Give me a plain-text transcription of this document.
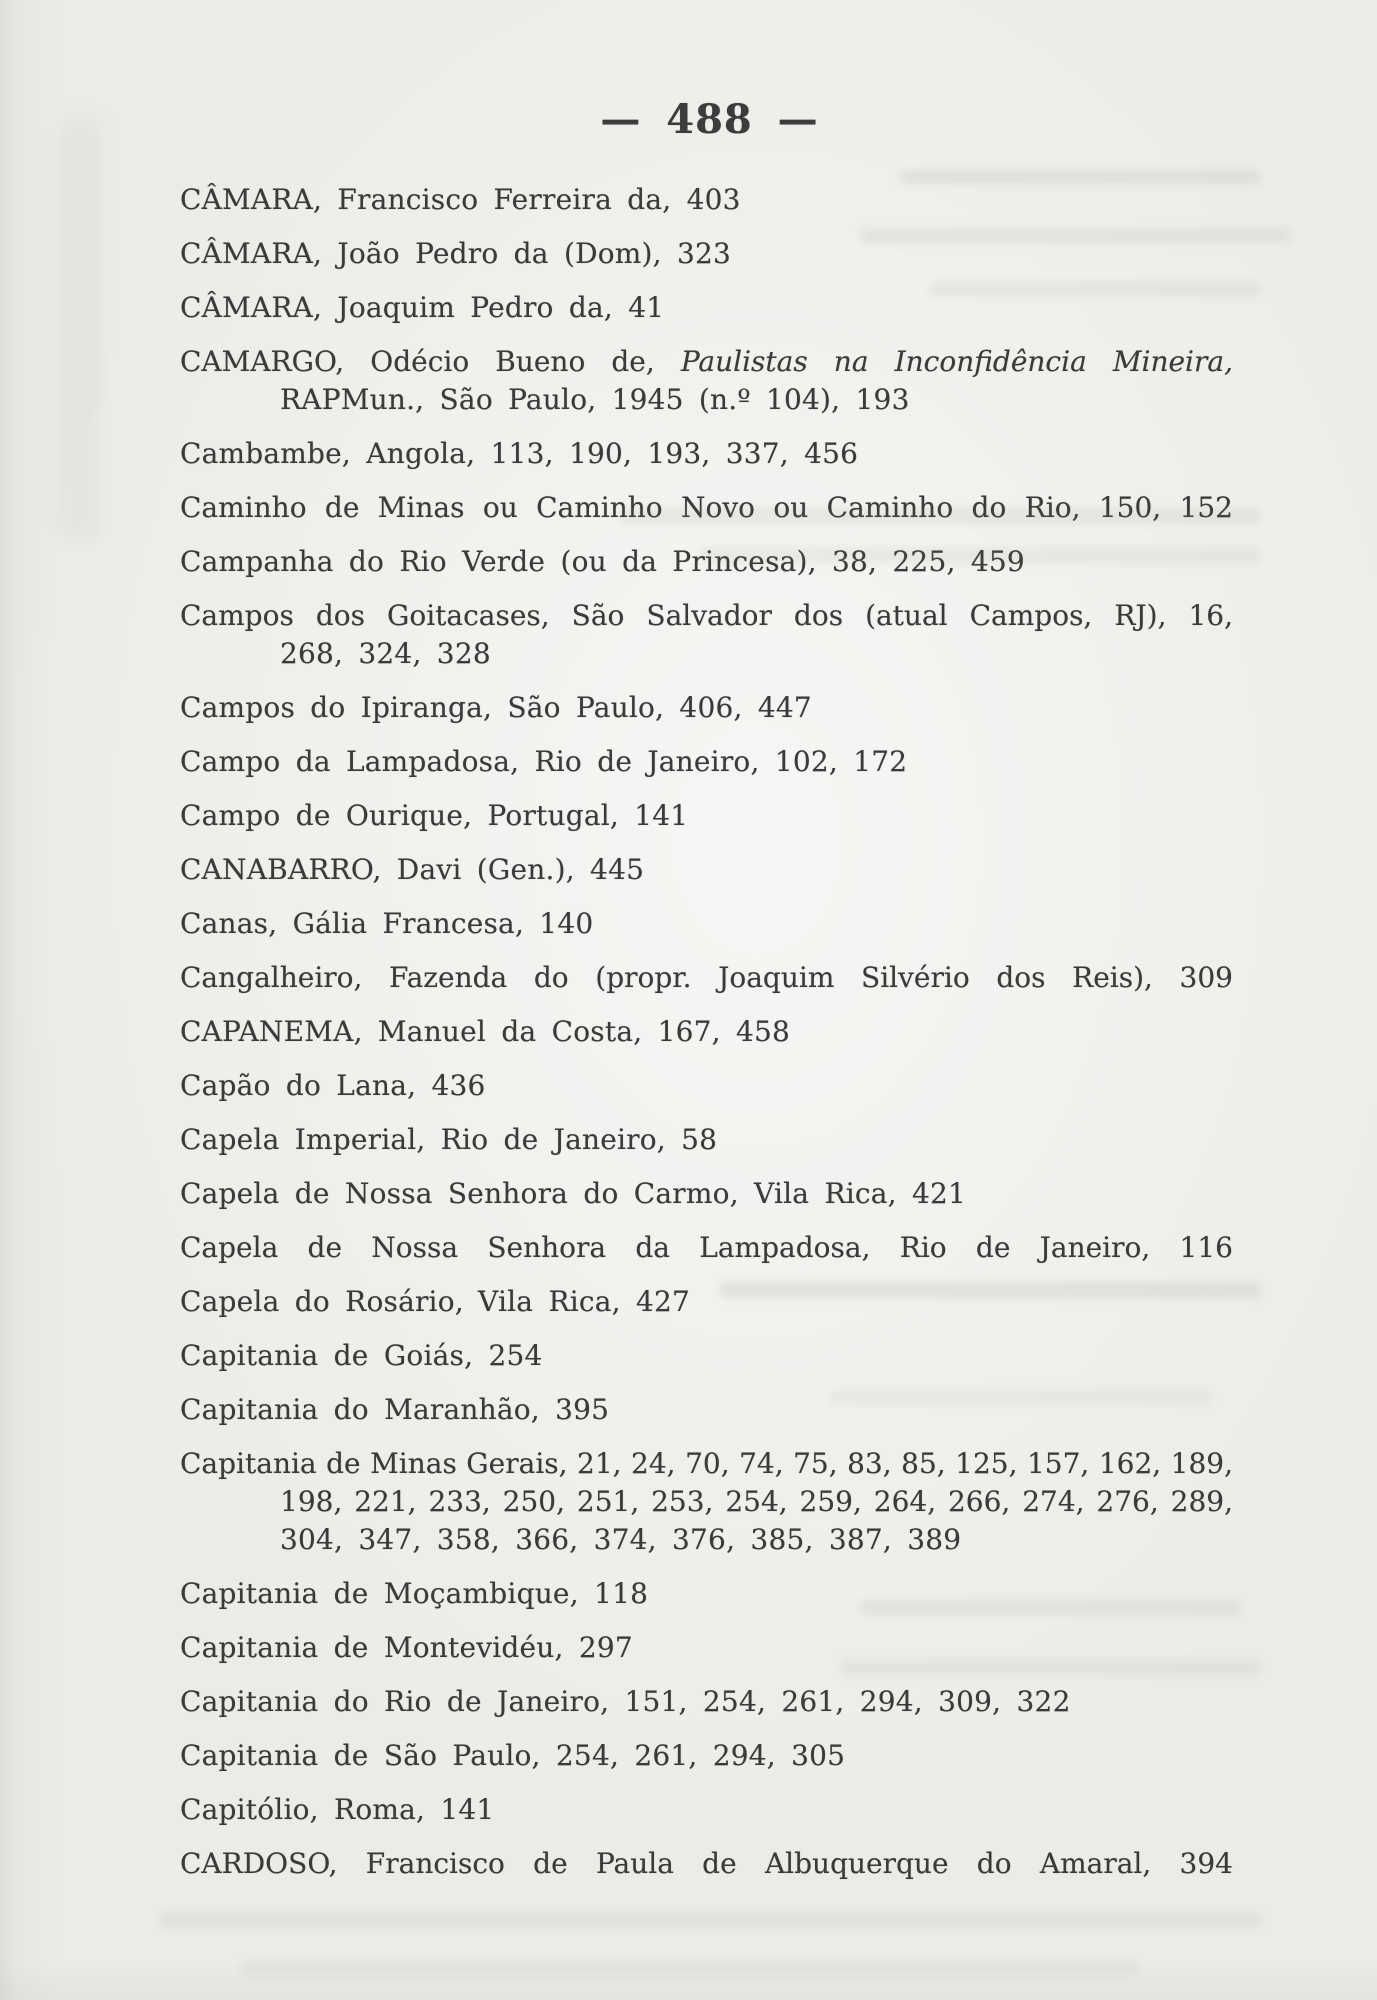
— 488 —
CÂMARA, Francisco Ferreira da, 403
CÂMARA, João Pedro da (Dom), 323
CÂMARA, Joaquim Pedro da, 41
CAMARGO, Odécio Bueno de, Paulistas na Inconfidência Mineira,
RAPMun., São Paulo, 1945 (n.º 104), 193
Cambambe, Angola, 113, 190, 193, 337, 456
Caminho de Minas ou Caminho Novo ou Caminho do Rio, 150, 152
Campanha do Rio Verde (ou da Princesa), 38, 225, 459
Campos dos Goitacases, São Salvador dos (atual Campos, RJ), 16,
268, 324, 328
Campos do Ipiranga, São Paulo, 406, 447
Campo da Lampadosa, Rio de Janeiro, 102, 172
Campo de Ourique, Portugal, 141
CANABARRO, Davi (Gen.), 445
Canas, Gália Francesa, 140
Cangalheiro, Fazenda do (propr. Joaquim Silvério dos Reis), 309
CAPANEMA, Manuel da Costa, 167, 458
Capão do Lana, 436
Capela Imperial, Rio de Janeiro, 58
Capela de Nossa Senhora do Carmo, Vila Rica, 421
Capela de Nossa Senhora da Lampadosa, Rio de Janeiro, 116
Capela do Rosário, Vila Rica, 427
Capitania de Goiás, 254
Capitania do Maranhão, 395
Capitania de Minas Gerais, 21, 24, 70, 74, 75, 83, 85, 125, 157, 162, 189,
198, 221, 233, 250, 251, 253, 254, 259, 264, 266, 274, 276, 289,
304, 347, 358, 366, 374, 376, 385, 387, 389
Capitania de Moçambique, 118
Capitania de Montevidéu, 297
Capitania do Rio de Janeiro, 151, 254, 261, 294, 309, 322
Capitania de São Paulo, 254, 261, 294, 305
Capitólio, Roma, 141
CARDOSO, Francisco de Paula de Albuquerque do Amaral, 394
